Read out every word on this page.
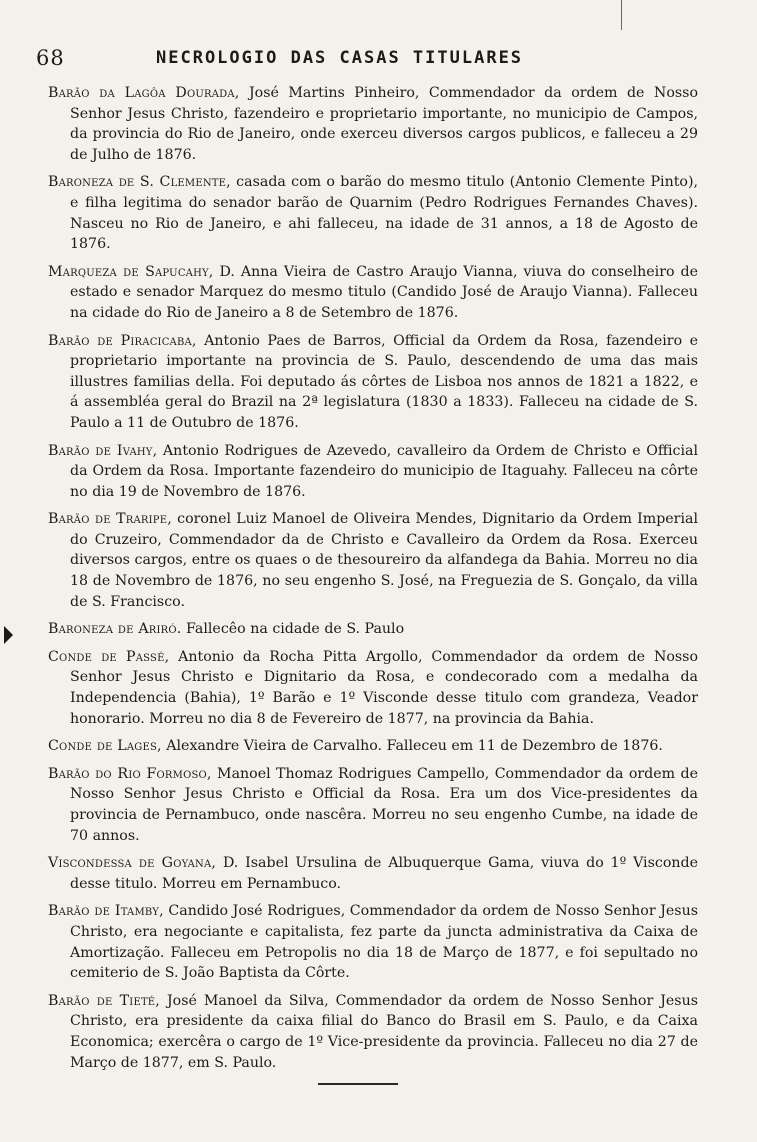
68	NECROLOGIO DAS CASAS TITULARES

Barão da Lagôa Dourada, José Martins Pinheiro, Commendador da ordem de Nosso Senhor Jesus Christo, fazendeiro e proprietario importante, no municipio de Campos, da provincia do Rio de Janeiro, onde exerceu diversos cargos publicos, e falleceu a 29 de Julho de 1876.

Baroneza de S. Clemente, casada com o barão do mesmo titulo (Antonio Clemente Pinto), e filha legitima do senador barão de Quarnim (Pedro Rodrigues Fernandes Chaves). Nasceu no Rio de Janeiro, e ahi falleceu, na idade de 31 annos, a 18 de Agosto de 1876.

Marqueza de Sapucahy, D. Anna Vieira de Castro Araujo Vianna, viuva do conselheiro de estado e senador Marquez do mesmo titulo (Candido José de Araujo Vianna). Falleceu na cidade do Rio de Janeiro a 8 de Setembro de 1876.

Barão de Piracicaba, Antonio Paes de Barros, Official da Ordem da Rosa, fazendeiro e proprietario importante na provincia de S. Paulo, descendendo de uma das mais illustres familias della. Foi deputado ás côrtes de Lisboa nos annos de 1821 a 1822, e á assembléa geral do Brazil na 2ª legislatura (1830 a 1833). Falleceu na cidade de S. Paulo a 11 de Outubro de 1876.

Barão de Ivahy, Antonio Rodrigues de Azevedo, cavalleiro da Ordem de Christo e Official da Ordem da Rosa. Importante fazendeiro do municipio de Itaguahy. Falleceu na côrte no dia 19 de Novembro de 1876.

Barão de Traripe, coronel Luiz Manoel de Oliveira Mendes, Dignitario da Ordem Imperial do Cruzeiro, Commendador da de Christo e Cavalleiro da Ordem da Rosa. Exerceu diversos cargos, entre os quaes o de thesoureiro da alfandega da Bahia. Morreu no dia 18 de Novembro de 1876, no seu engenho S. José, na Freguezia de S. Gonçalo, da villa de S. Francisco.

Baroneza de Ariró. Fallecêo na cidade de S. Paulo

Conde de Passé, Antonio da Rocha Pitta Argollo, Commendador da ordem de Nosso Senhor Jesus Christo e Dignitario da Rosa, e condecorado com a medalha da Independencia (Bahia), 1º Barão e 1º Visconde desse titulo com grandeza, Veador honorario. Morreu no dia 8 de Fevereiro de 1877, na provincia da Bahia.

Conde de Lages, Alexandre Vieira de Carvalho. Falleceu em 11 de Dezembro de 1876.

Barão do Rio Formoso, Manoel Thomaz Rodrigues Campello, Commendador da ordem de Nosso Senhor Jesus Christo e Official da Rosa. Era um dos Vice-presidentes da provincia de Pernambuco, onde nascêra. Morreu no seu engenho Cumbe, na idade de 70 annos.

Viscondessa de Goyana, D. Isabel Ursulina de Albuquerque Gama, viuva do 1º Visconde desse titulo. Morreu em Pernambuco.

Barão de Itamby, Candido José Rodrigues, Commendador da ordem de Nosso Senhor Jesus Christo, era negociante e capitalista, fez parte da juncta administrativa da Caixa de Amortização. Falleceu em Petropolis no dia 18 de Março de 1877, e foi sepultado no cemiterio de S. João Baptista da Côrte.

Barão de Tieté, José Manoel da Silva, Commendador da ordem de Nosso Senhor Jesus Christo, era presidente da caixa filial do Banco do Brasil em S. Paulo, e da Caixa Economica; exercêra o cargo de 1º Vice-presidente da provincia. Falleceu no dia 27 de Março de 1877, em S. Paulo.
